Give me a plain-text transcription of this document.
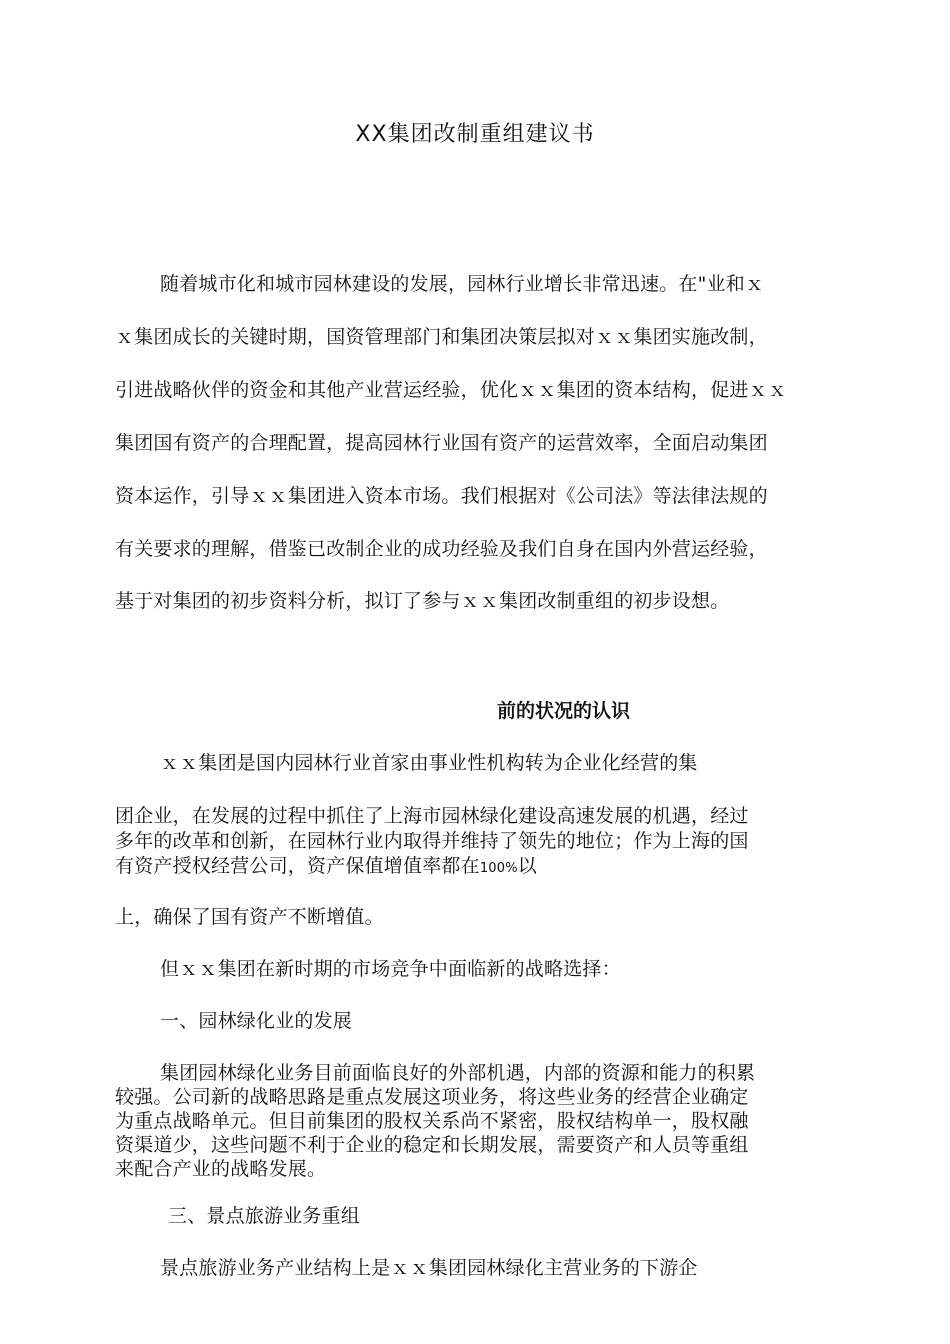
XX集团改制重组建议书
随着城市化和城市园林建设的发展，园林行业增长非常迅速。在"业和ｘ
ｘ集团成长的关键时期，国资管理部门和集团决策层拟对ｘｘ集团实施改制，
引进战略伙伴的资金和其他产业营运经验，优化ｘｘ集团的资本结构，促进ｘｘ
集团国有资产的合理配置，提高园林行业国有资产的运营效率，全面启动集团
资本运作，引导ｘｘ集团进入资本市场。我们根据对《公司法》等法律法规的
有关要求的理解，借鉴已改制企业的成功经验及我们自身在国内外营运经验，
基于对集团的初步资料分析，拟订了参与ｘｘ集团改制重组的初步设想。
前的状况的认识
ｘｘ集团是国内园林行业首家由事业性机构转为企业化经营的集
团企业，在发展的过程中抓住了上海市园林绿化建设高速发展的机遇，经过
多年的改革和创新，在园林行业内取得并维持了领先的地位；作为上海的国
有资产授权经营公司，资产保值增值率都在100%以
上，确保了国有资产不断增值。
但ｘｘ集团在新时期的市场竞争中面临新的战略选择：
一、园林绿化业的发展
集团园林绿化业务目前面临良好的外部机遇，内部的资源和能力的积累
较强。公司新的战略思路是重点发展这项业务，将这些业务的经营企业确定
为重点战略单元。但目前集团的股权关系尚不紧密，股权结构单一，股权融
资渠道少，这些问题不利于企业的稳定和长期发展，需要资产和人员等重组
来配合产业的战略发展。
三、景点旅游业务重组
景点旅游业务产业结构上是ｘｘ集团园林绿化主营业务的下游企
